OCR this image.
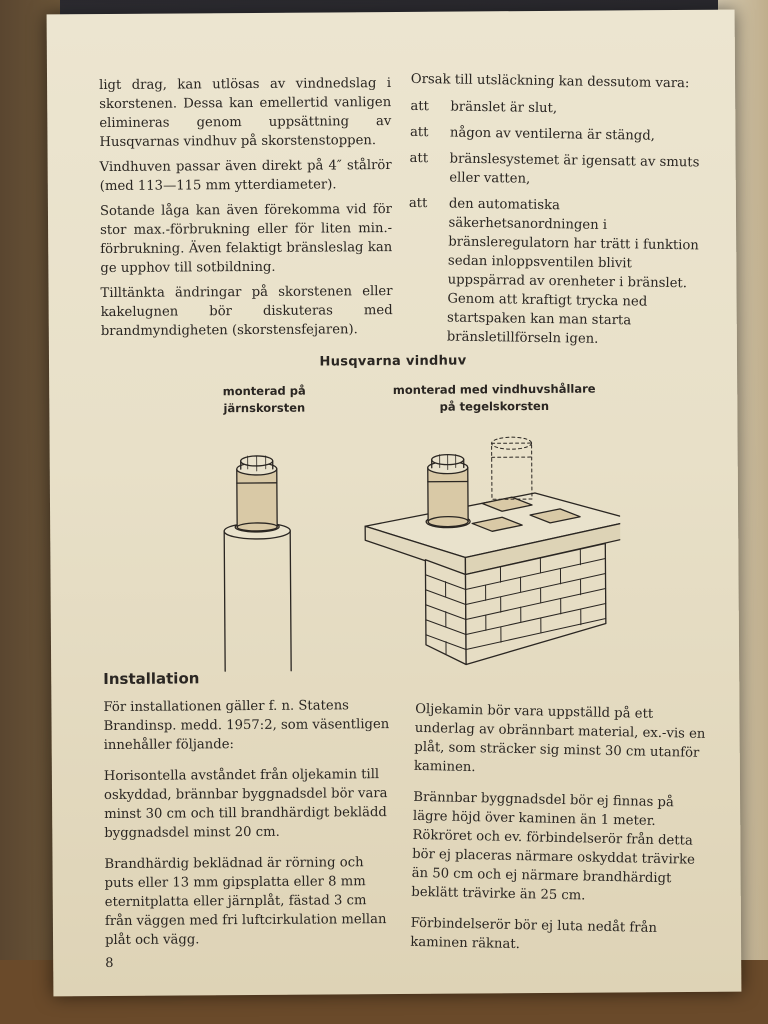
ligt drag, kan utlösas av vindnedslag i skorstenen. Dessa kan emellertid vanligen elimineras genom uppsättning av Husqvarnas vindhuv på skorstenstoppen.

Vindhuven passar även direkt på 4″ stålrör (med 113—115 mm ytterdiameter).

Sotande låga kan även förekomma vid för stor max.-förbrukning eller för liten min.-förbrukning. Även felaktigt bränsleslag kan ge upphov till sotbildning.

Tilltänkta ändringar på skorstenen eller kakelugnen bör diskuteras med brandmyndigheten (skorstensfejaren).

Orsak till utsläckning kan dessutom vara:
att	bränslet är slut,
att	någon av ventilerna är stängd,
att	bränslesystemet är igensatt av smuts eller vatten,
att	den automatiska säkerhetsanordningen i bränsleregulatorn har trätt i funktion sedan inloppsventilen blivit uppspärrad av orenheter i bränslet. Genom att kraftigt trycka ned startspaken kan man starta bränsletillförseln igen.
Husqvarna vindhuv
monterad på
järnskorsten
monterad med vindhuvshållare
på tegelskorsten
Installation

För installationen gäller f. n. Statens Brandinsp. medd. 1957:2, som väsentligen innehåller följande:

Horisontella avståndet från oljekamin till oskyddad, brännbar byggnadsdel bör vara minst 30 cm och till brandhärdigt beklädd byggnadsdel minst 20 cm.

Brandhärdig beklädnad är rörning och puts eller 13 mm gipsplatta eller 8 mm eternitplatta eller järnplåt, fästad 3 cm från väggen med fri luftcirkulation mellan plåt och vägg.

Oljekamin bör vara uppställd på ett underlag av obrännbart material, ex.-vis en plåt, som sträcker sig minst 30 cm utanför kaminen.

Brännbar byggnadsdel bör ej finnas på lägre höjd över kaminen än 1 meter. Rökröret och ev. förbindelserör från detta bör ej placeras närmare oskyddat trävirke än 50 cm och ej närmare brandhärdigt beklätt trävirke än 25 cm.

Förbindelserör bör ej luta nedåt från kaminen räknat.

8
